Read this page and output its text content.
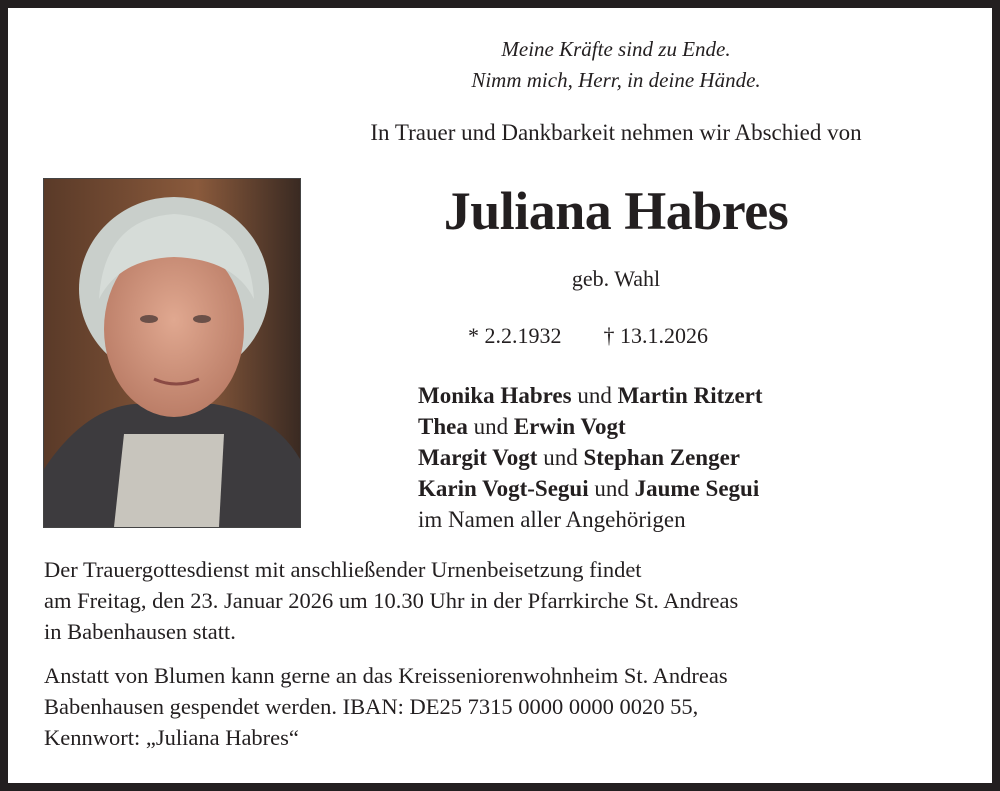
Meine Kräfte sind zu Ende.
Nimm mich, Herr, in deine Hände.
In Trauer und Dankbarkeit nehmen wir Abschied von
Juliana Habres
geb. Wahl
* 2.2.1932 † 13.1.2026
Monika Habres und Martin Ritzert
Thea und Erwin Vogt
Margit Vogt und Stephan Zenger
Karin Vogt-Segui und Jaume Segui
im Namen aller Angehörigen
Der Trauergottesdienst mit anschließender Urnenbeisetzung findet
am Freitag, den 23. Januar 2026 um 10.30 Uhr in der Pfarrkirche St. Andreas
in Babenhausen statt.
Anstatt von Blumen kann gerne an das Kreisseniorenwohnheim St. Andreas
Babenhausen gespendet werden. IBAN: DE25 7315 0000 0000 0020 55,
Kennwort: „Juliana Habres“
